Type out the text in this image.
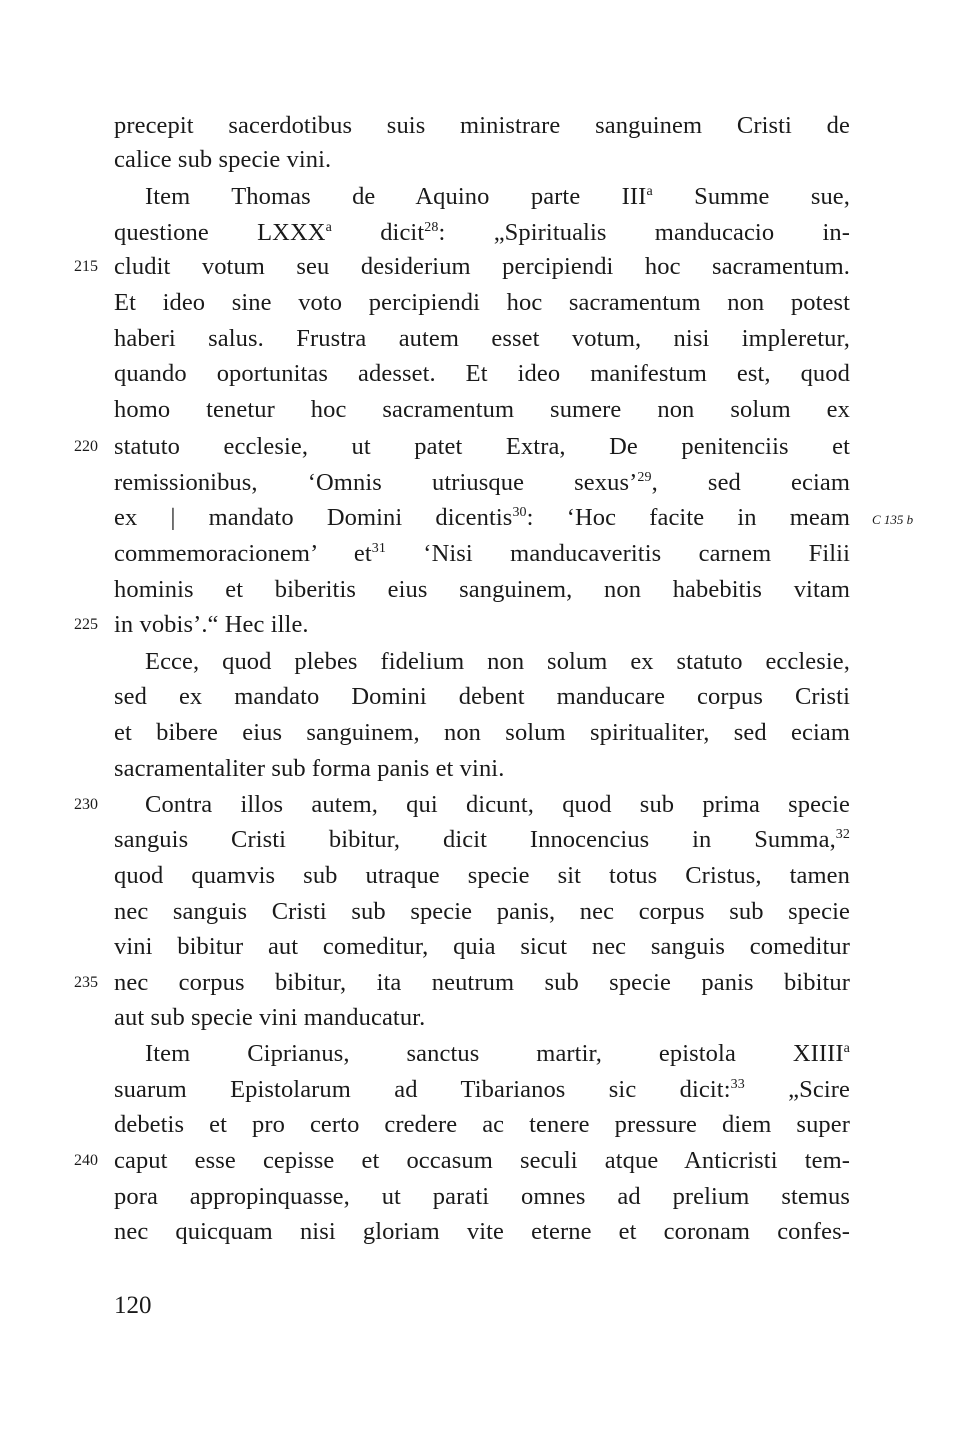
precepit sacerdotibus suis ministrare sanguinem Cristi de
calice sub specie vini.
Item Thomas de Aquino parte III$^a$ Summe sue,
questione LXXX$^a$ dicit$^{28}$: „Spiritualis manducacio in-
cludit votum seu desiderium percipiendi hoc sacramentum.
Et ideo sine voto percipiendi hoc sacramentum non potest
haberi salus. Frustra autem esset votum, nisi impleretur,
quando oportunitas adesset. Et ideo manifestum est, quod
homo tenetur hoc sacramentum sumere non solum ex
statuto ecclesie, ut patet Extra, De penitenciis et
remissionibus, ‘Omnis utriusque sexus’$^{29}$, sed eciam
ex | mandato Domini dicentis$^{30}$: ‘Hoc facite in meam
commemoracionem’ $et^{31}$ ‘Nisi manducaveritis carnem Filii
hominis et biberitis eius sanguinem, non habebitis vitam
in vobis’.“ Hec ille.
Ecce, quod plebes fidelium non solum ex statuto ecclesie,
sed ex mandato Domini debent manducare corpus Cristi
et bibere eius sanguinem, non solum spiritualiter, sed eciam
sacramentaliter sub forma panis et vini.
Contra illos autem, qui dicunt, quod sub prima specie
sanguis Cristi bibitur, dicit Innocencius in Summa,$^{32}$
quod quamvis sub utraque specie sit totus Cristus, tamen
nec sanguis Cristi sub specie panis, nec corpus sub specie
vini bibitur aut comeditur, quia sicut nec sanguis comeditur
nec corpus bibitur, ita neutrum sub specie panis bibitur
aut sub specie vini manducatur.
Item Ciprianus, sanctus martir, epistola XIIII$^a$
suarum Epistolarum ad Tibarianos sic dicit:$^{33}$ „Scire
debetis et pro certo credere ac tenere pressure diem super
caput esse cepisse et occasum seculi atque Anticristi tem-
pora appropinquasse, ut parati omnes ad prelium stemus
nec quicquam nisi gloriam vite eterne et coronam confes-
215
220
225
230
235
240
C 135 b
120
